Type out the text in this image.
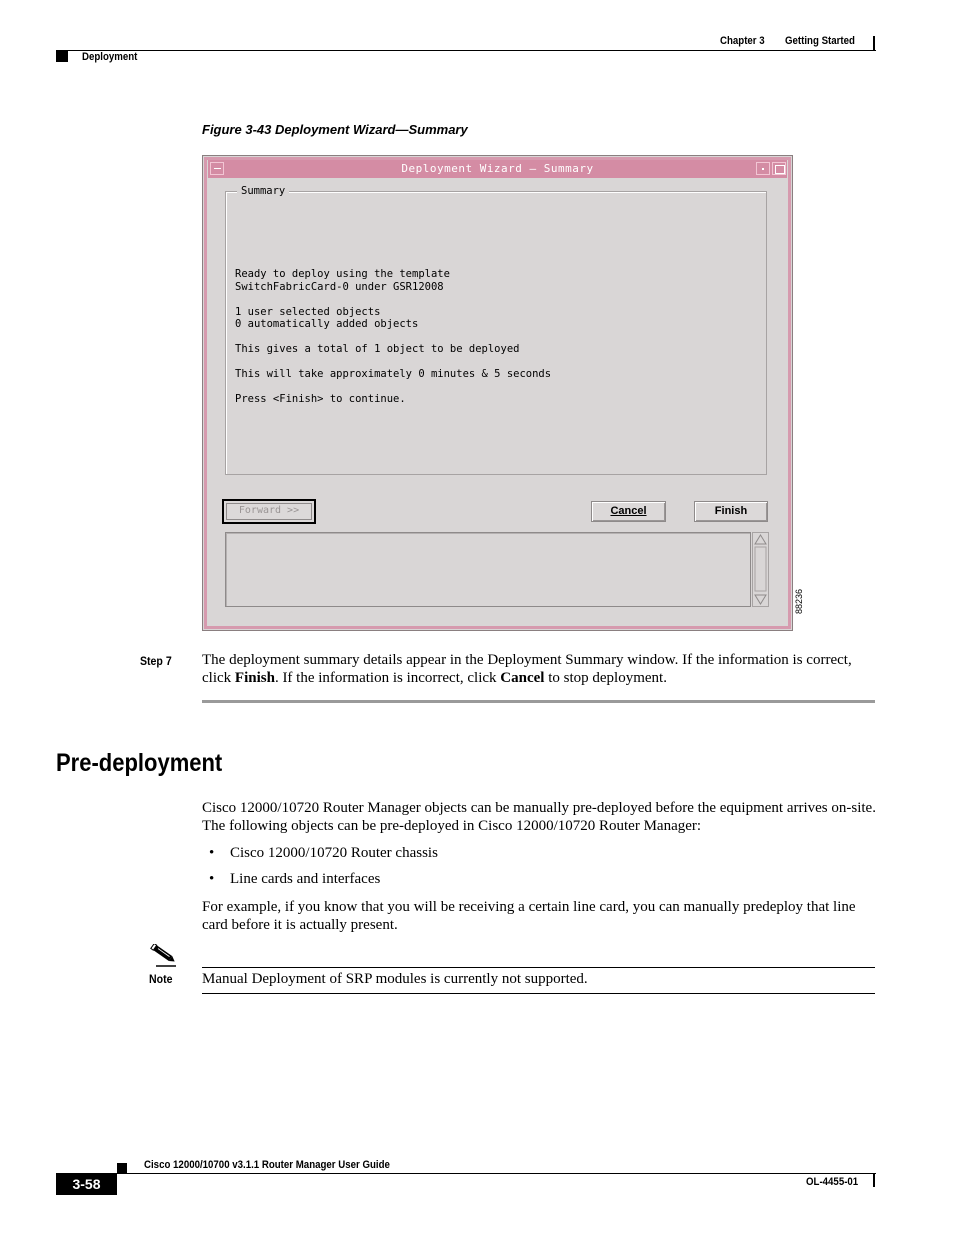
Chapter 3 Getting Started
Deployment
Figure 3-43 Deployment Wizard—Summary
Deployment Wizard – Summary
Summary
Ready to deploy using the template
SwitchFabricCard-0 under GSR12008
1 user selected objects
0 automatically added objects
This gives a total of 1 object to be deployed
This will take approximately 0 minutes & 5 seconds
Press <Finish> to continue.
Forward >>	Cancel	Finish
88236
Step 7 The deployment summary details appear in the Deployment Summary window. If the information is correct, click Finish. If the information is incorrect, click Cancel to stop deployment.
Pre-deployment
Cisco 12000/10720 Router Manager objects can be manually pre-deployed before the equipment arrives on-site. The following objects can be pre-deployed in Cisco 12000/10720 Router Manager:
• Cisco 12000/10720 Router chassis
• Line cards and interfaces
For example, if you know that you will be receiving a certain line card, you can manually predeploy that line card before it is actually present.
Note Manual Deployment of SRP modules is currently not supported.
Cisco 12000/10700 v3.1.1 Router Manager User Guide
3-58	OL-4455-01
